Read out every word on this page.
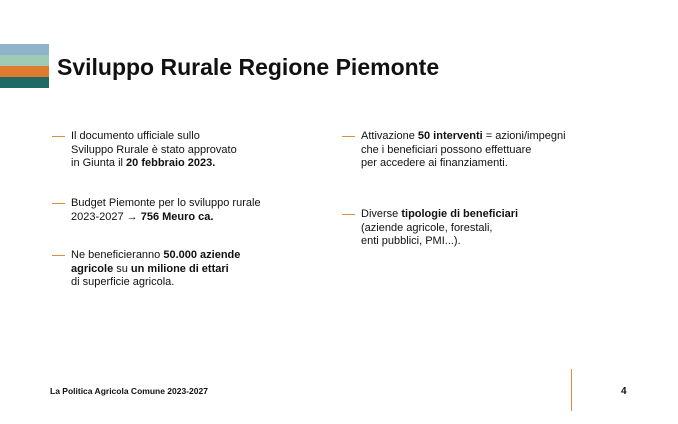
Sviluppo Rurale Regione Piemonte

Il documento ufficiale sullo
Sviluppo Rurale è stato approvato
in Giunta il 20 febbraio 2023.

Budget Piemonte per lo sviluppo rurale
2023-2027 → 756 Meuro ca.

Ne beneficieranno 50.000 aziende
agricole su un milione di ettari
di superficie agricola.

Attivazione 50 interventi = azioni/impegni
che i beneficiari possono effettuare
per accedere ai finanziamenti.

Diverse tipologie di beneficiari
(aziende agricole, forestali,
enti pubblici, PMI...).

La Politica Agricola Comune 2023-2027	4
